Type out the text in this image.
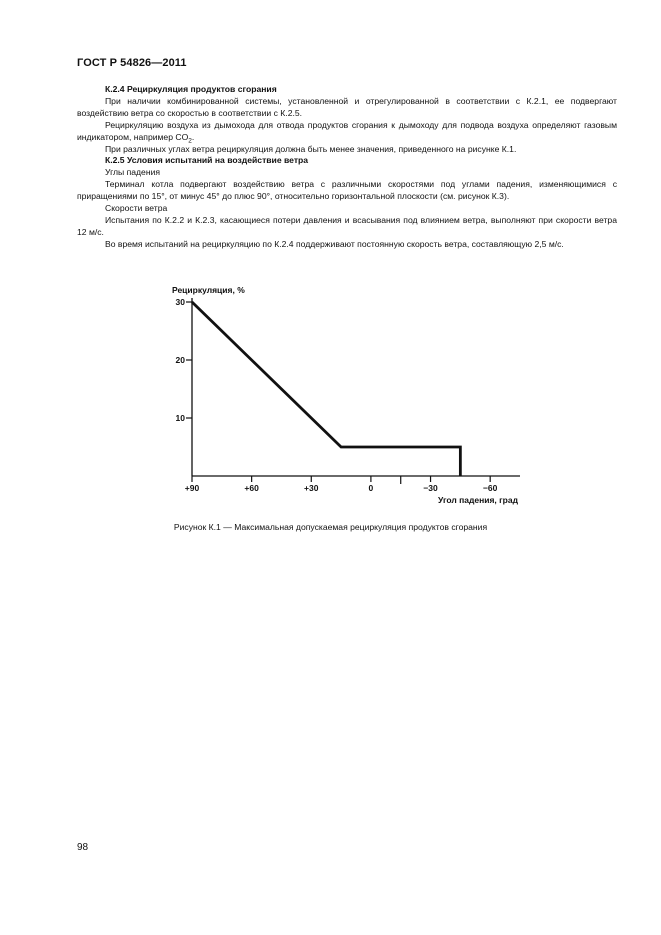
ГОСТ Р 54826—2011

К.2.4 Рециркуляция продуктов сгорания

При наличии комбинированной системы, установленной и отрегулированной в соответствии с К.2.1, ее подвергают воздействию ветра со скоростью в соответствии с К.2.5.

Рециркуляцию воздуха из дымохода для отвода продуктов сгорания к дымоходу для подвода воздуха определяют газовым индикатором, например $CO_2$.

При различных углах ветра рециркуляция должна быть менее значения, приведенного на рисунке К.1.

К.2.5 Условия испытаний на воздействие ветра

Углы падения

Терминал котла подвергают воздействию ветра с различными скоростями под углами падения, изменяющимися с приращениями по 15°, от минус 45° до плюс 90°, относительно горизонтальной плоскости (см. рисунок К.3).

Скорости ветра

Испытания по К.2.2 и К.2.3, касающиеся потери давления и всасывания под влиянием ветра, выполняют при скорости ветра 12 м/с.

Во время испытаний на рециркуляцию по К.2.4 поддерживают постоянную скорость ветра, составляющую 2,5 м/с.

Рециркуляция, %
Угол падения, град
10
20
30
+90	+60	+30	0	−30	−60
Рисунок К.1 — Максимальная допускаемая рециркуляция продуктов сгорания
98
